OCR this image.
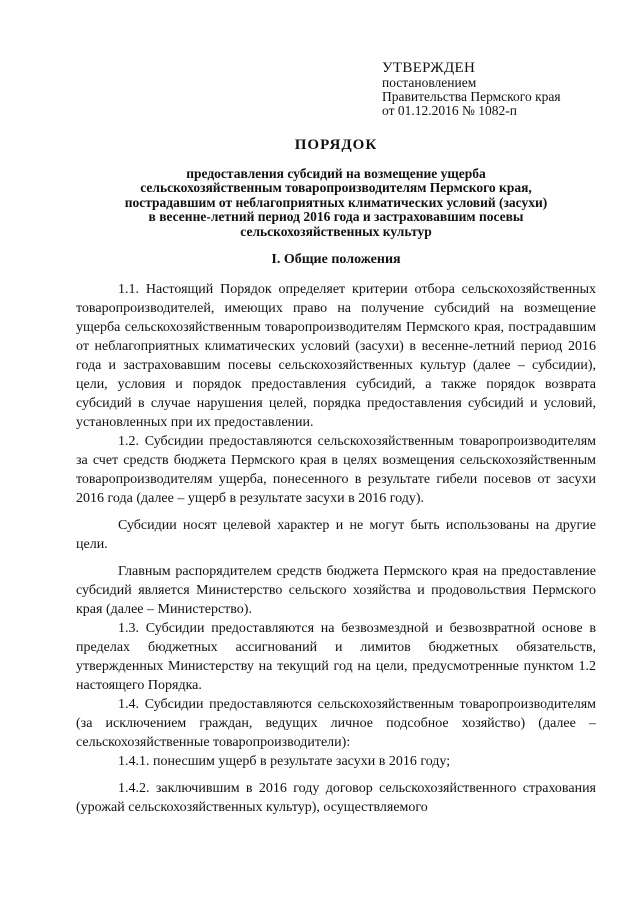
УТВЕРЖДЕН
постановлением
Правительства Пермского края
от 01.12.2016 № 1082-п
ПОРЯДОК
предоставления субсидий на возмещение ущерба
сельскохозяйственным товаропроизводителям Пермского края,
пострадавшим от неблагоприятных климатических условий (засухи)
в весенне-летний период 2016 года и застраховавшим посевы
сельскохозяйственных культур
I. Общие положения

1.1. Настоящий Порядок определяет критерии отбора сельскохозяйственных товаропроизводителей, имеющих право на получение субсидий на возмещение ущерба сельскохозяйственным товаропроизводителям Пермского края, пострадавшим от неблагоприятных климатических условий (засухи) в весенне-летний период 2016 года и застраховавшим посевы сельскохозяйственных культур (далее – субсидии), цели, условия и порядок предоставления субсидий, а также порядок возврата субсидий в случае нарушения целей, порядка предоставления субсидий и условий, установленных при их предоставлении.

1.2. Субсидии предоставляются сельскохозяйственным товаропроизводителям за счет средств бюджета Пермского края в целях возмещения сельскохозяйственным товаропроизводителям ущерба, понесенного в результате гибели посевов от засухи 2016 года (далее – ущерб в результате засухи в 2016 году).

Субсидии носят целевой характер и не могут быть использованы на другие цели.

Главным распорядителем средств бюджета Пермского края на предоставление субсидий является Министерство сельского хозяйства и продовольствия Пермского края (далее – Министерство).

1.3. Субсидии предоставляются на безвозмездной и безвозвратной основе в пределах бюджетных ассигнований и лимитов бюджетных обязательств, утвержденных Министерству на текущий год на цели, предусмотренные пунктом 1.2 настоящего Порядка.

1.4. Субсидии предоставляются сельскохозяйственным товаропроизводителям (за исключением граждан, ведущих личное подсобное хозяйство) (далее – сельскохозяйственные товаропроизводители):

1.4.1. понесшим ущерб в результате засухи в 2016 году;

1.4.2. заключившим в 2016 году договор сельскохозяйственного страхования (урожай сельскохозяйственных культур), осуществляемого
